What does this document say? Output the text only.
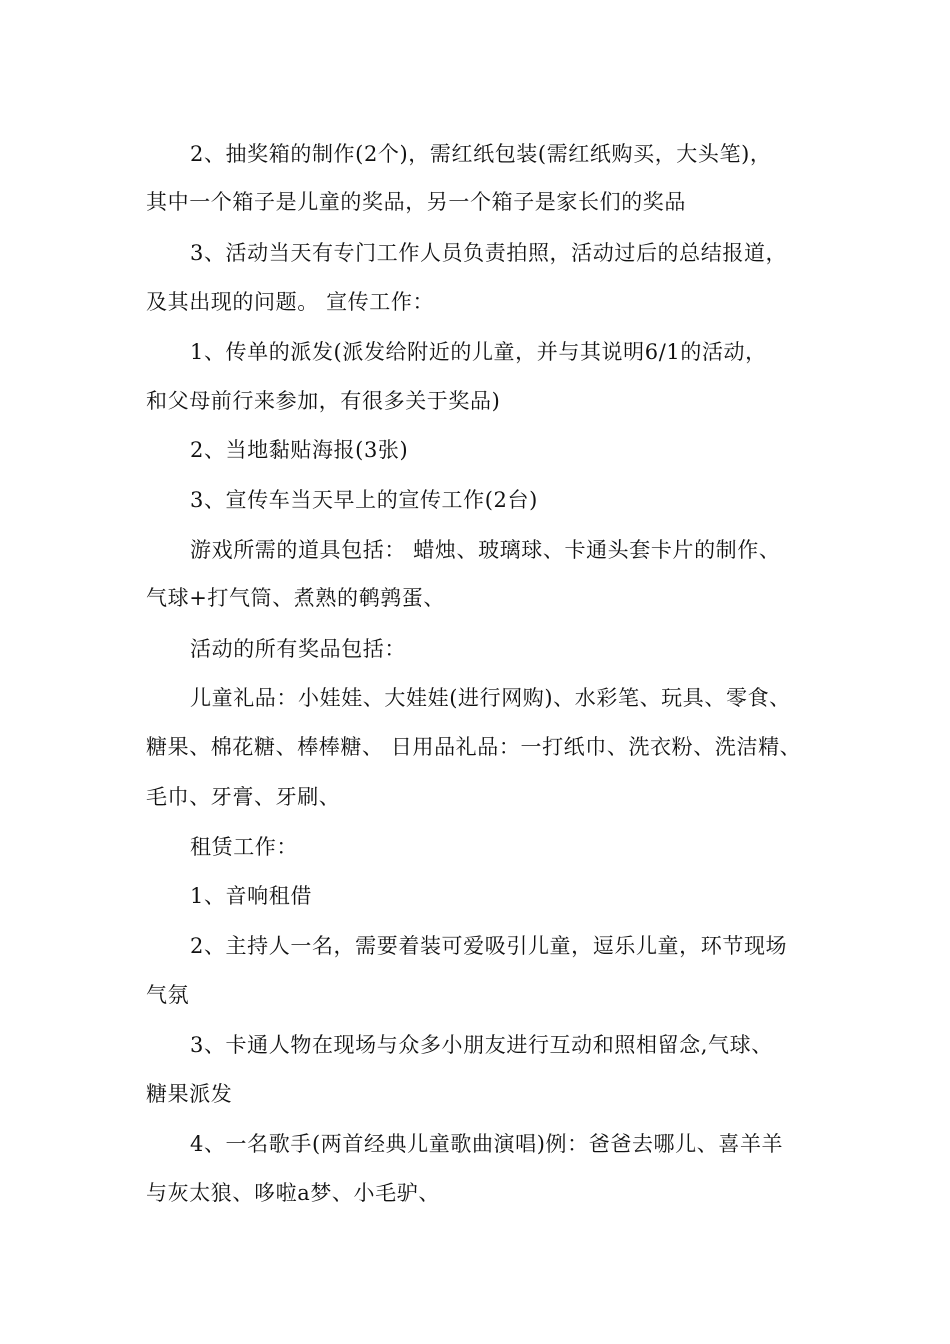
2、抽奖箱的制作(2个)，需红纸包装(需红纸购买，大头笔)，
其中一个箱子是儿童的奖品，另一个箱子是家长们的奖品
3、活动当天有专门工作人员负责拍照，活动过后的总结报道，
及其出现的问题。 宣传工作：
1、传单的派发(派发给附近的儿童，并与其说明6/1的活动，
和父母前行来参加，有很多关于奖品)
2、当地黏贴海报(3张)
3、宣传车当天早上的宣传工作(2台)
游戏所需的道具包括： 蜡烛、玻璃球、卡通头套卡片的制作、
气球+打气筒、煮熟的鹌鹑蛋、
活动的所有奖品包括：
儿童礼品：小娃娃、大娃娃(进行网购)、水彩笔、玩具、零食、
糖果、棉花糖、棒棒糖、 日用品礼品：一打纸巾、洗衣粉、洗洁精、
毛巾、牙膏、牙刷、
租赁工作：
1、音响租借
2、主持人一名，需要着装可爱吸引儿童，逗乐儿童，环节现场
气氛
3、卡通人物在现场与众多小朋友进行互动和照相留念,气球、
糖果派发
4、一名歌手(两首经典儿童歌曲演唱)例：爸爸去哪儿、喜羊羊
与灰太狼、哆啦a梦、小毛驴、
